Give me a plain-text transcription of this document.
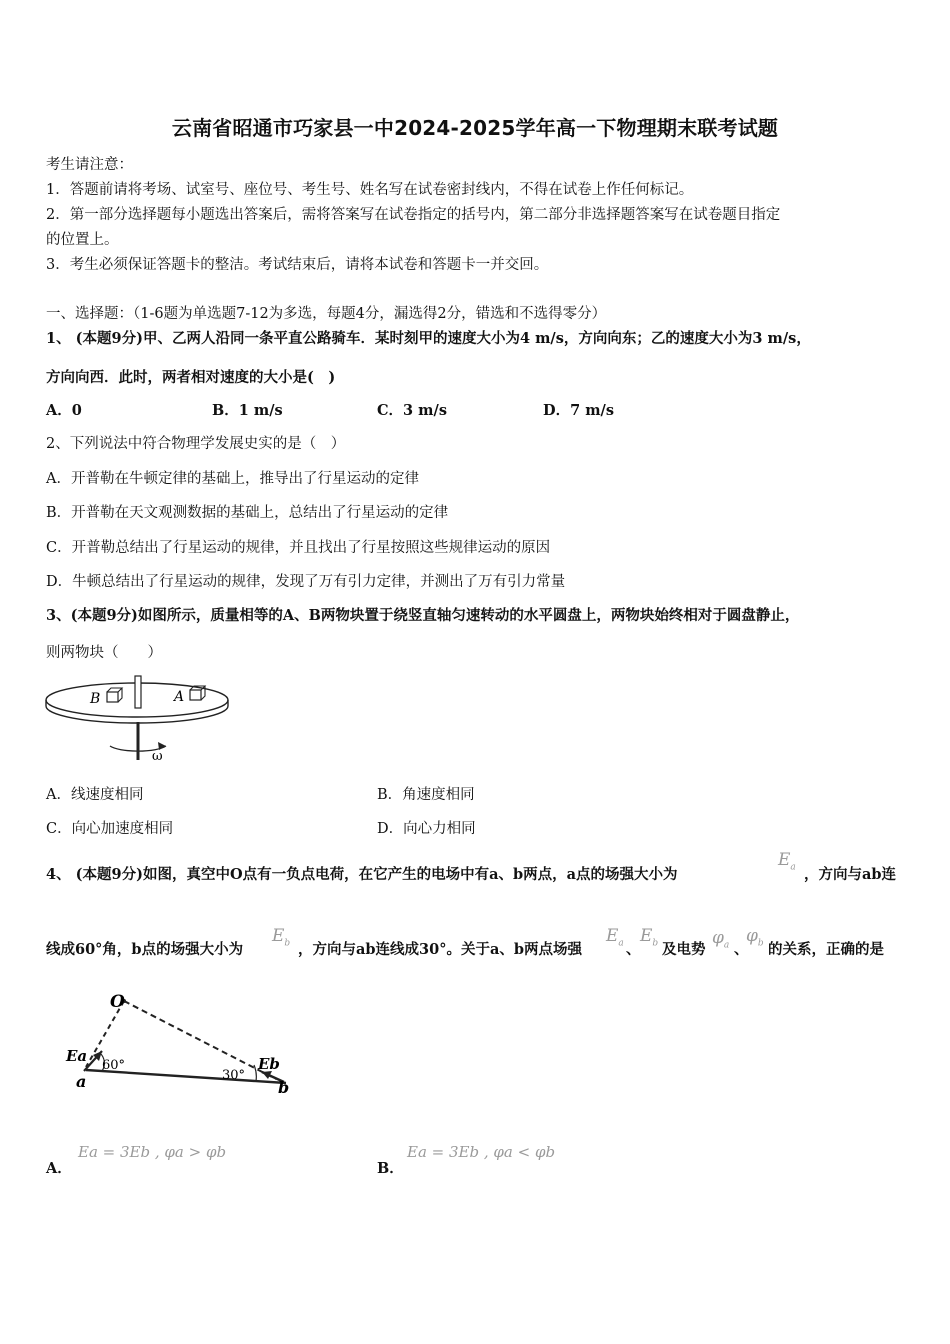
云南省昭通市巧家县一中2024-2025学年高一下物理期末联考试题
考生请注意：
1．答题前请将考场、试室号、座位号、考生号、姓名写在试卷密封线内，不得在试卷上作任何标记。
2．第一部分选择题每小题选出答案后，需将答案写在试卷指定的括号内，第二部分非选择题答案写在试卷题目指定
的位置上。
3．考生必须保证答题卡的整洁。考试结束后，请将本试卷和答题卡一并交回。
一、选择题：（1-6题为单选题7-12为多选，每题4分，漏选得2分，错选和不选得零分）
1、 (本题9分)甲、乙两人沿同一条平直公路骑车．某时刻甲的速度大小为4 m/s，方向向东；乙的速度大小为3 m/s，
方向向西．此时，两者相对速度的大小是(　)
A．0	B．1 m/s	C．3 m/s	D．7 m/s
2、下列说法中符合物理学发展史实的是（　）
A．开普勒在牛顿定律的基础上，推导出了行星运动的定律
B．开普勒在天文观测数据的基础上，总结出了行星运动的定律
C．开普勒总结出了行星运动的规律，并且找出了行星按照这些规律运动的原因
D．牛顿总结出了行星运动的规律，发现了万有引力定律，并测出了万有引力常量
3、(本题9分)如图所示，质量相等的A、B两物块置于绕竖直轴匀速转动的水平圆盘上，两物块始终相对于圆盘静止，
则两物块（　　）
B	A
ω
A．线速度相同	B．角速度相同
C．向心加速度相同	D．向心力相同
4、 (本题9分)如图，真空中O点有一负点电荷，在它产生的电场中有a、b两点，a点的场强大小为
$E_a$ ，方向与ab连
线成60°角，b点的场强大小为
$E_b$ ，方向与ab连线成30°。关于a、b两点场强
$E_a$ 、
$E_b$ 及电势
$\varphi_a$ 、
$\varphi_b$ 的关系，正确的是
O
Ea
60°
a	30°
Eb
b
A．
Ea = 3Eb , φa > φb
B．
Ea = 3Eb , φa < φb
